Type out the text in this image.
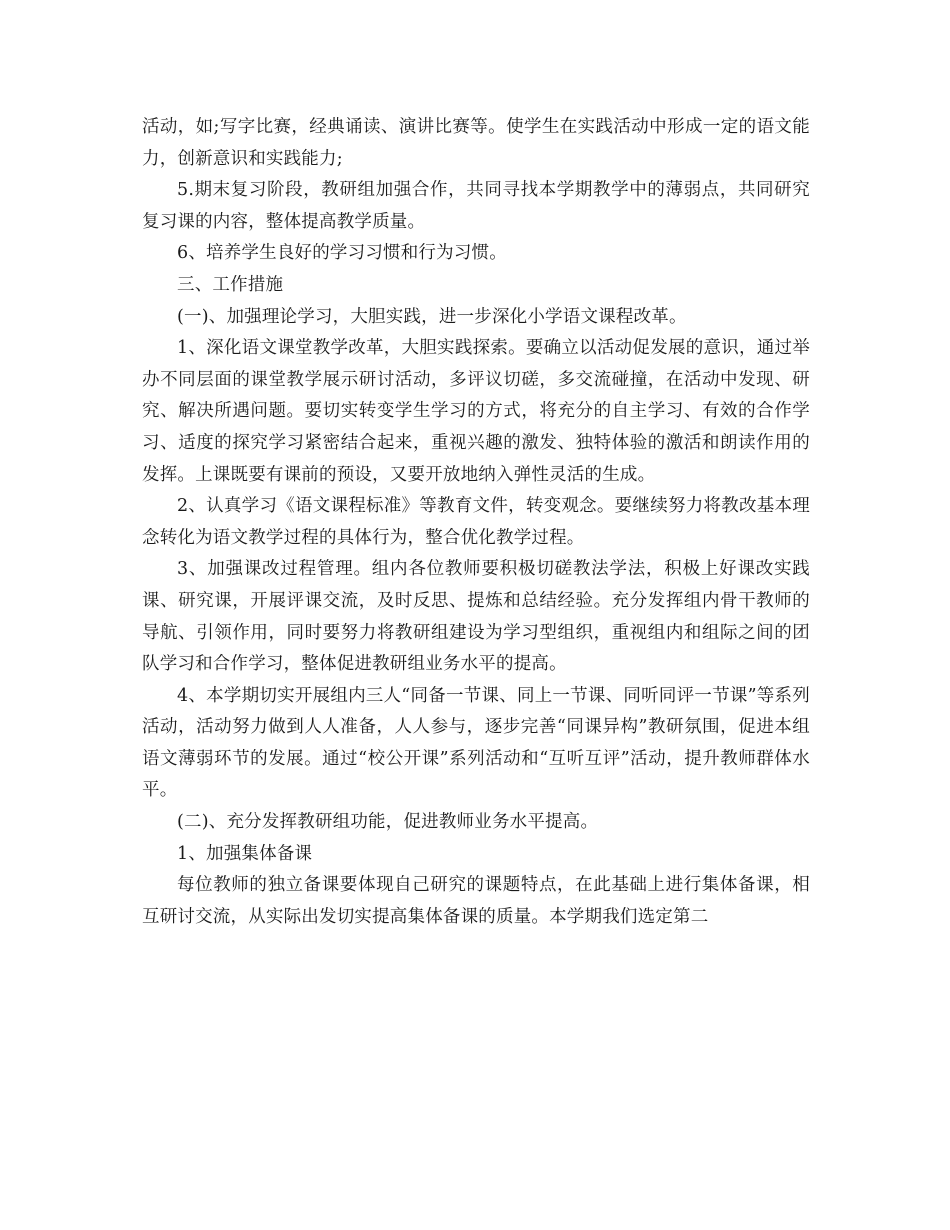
活动，如;写字比赛，经典诵读、演讲比赛等。使学生在实践活动中形成一定的语文能力，创新意识和实践能力;

5.期末复习阶段，教研组加强合作，共同寻找本学期教学中的薄弱点，共同研究复习课的内容，整体提高教学质量。

6、培养学生良好的学习习惯和行为习惯。

三、工作措施

(一)、加强理论学习，大胆实践，进一步深化小学语文课程改革。

1、深化语文课堂教学改革，大胆实践探索。要确立以活动促发展的意识，通过举办不同层面的课堂教学展示研讨活动，多评议切磋，多交流碰撞，在活动中发现、研究、解决所遇问题。要切实转变学生学习的方式，将充分的自主学习、有效的合作学习、适度的探究学习紧密结合起来，重视兴趣的激发、独特体验的激活和朗读作用的发挥。上课既要有课前的预设，又要开放地纳入弹性灵活的生成。

2、认真学习《语文课程标准》等教育文件，转变观念。要继续努力将教改基本理念转化为语文教学过程的具体行为，整合优化教学过程。

3、加强课改过程管理。组内各位教师要积极切磋教法学法，积极上好课改实践课、研究课，开展评课交流，及时反思、提炼和总结经验。充分发挥组内骨干教师的导航、引领作用，同时要努力将教研组建设为学习型组织，重视组内和组际之间的团队学习和合作学习，整体促进教研组业务水平的提高。

4、本学期切实开展组内三人“同备一节课、同上一节课、同听同评一节课”等系列活动，活动努力做到人人准备，人人参与，逐步完善“同课异构”教研氛围，促进本组语文薄弱环节的发展。通过“校公开课”系列活动和“互听互评”活动，提升教师群体水平。

(二)、充分发挥教研组功能，促进教师业务水平提高。

1、加强集体备课

每位教师的独立备课要体现自己研究的课题特点，在此基础上进行集体备课，相互研讨交流，从实际出发切实提高集体备课的质量。本学期我们选定第二
